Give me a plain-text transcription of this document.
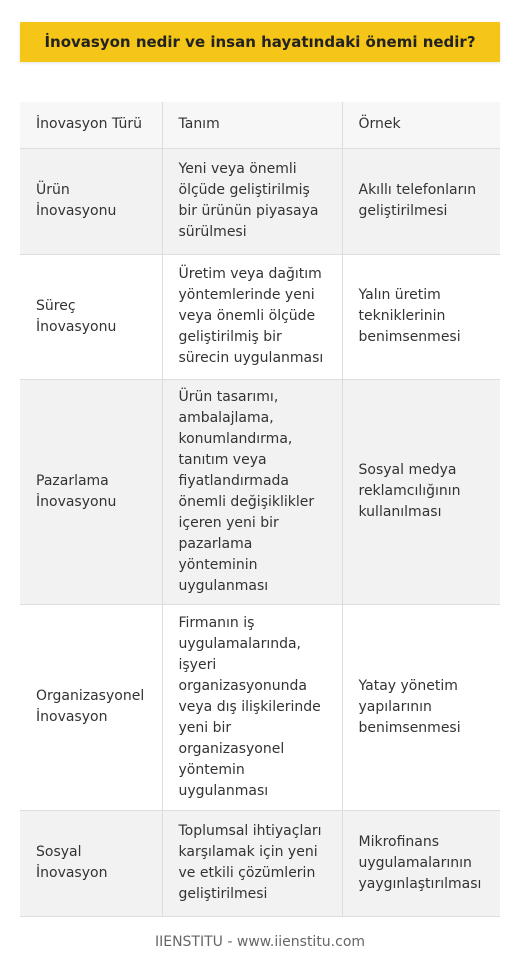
İnovasyon nedir ve insan hayatındaki önemi nedir?
İnovasyon Türü	Tanım	Örnek
Ürün İnovasyonu	Yeni veya önemli ölçüde geliştirilmiş bir ürünün piyasaya sürülmesi	Akıllı telefonların geliştirilmesi
Süreç İnovasyonu	Üretim veya dağıtım yöntemlerinde yeni veya önemli ölçüde geliştirilmiş bir sürecin uygulanması	Yalın üretim tekniklerinin benimsenmesi
Pazarlama İnovasyonu	Ürün tasarımı, ambalajlama, konumlandırma, tanıtım veya fiyatlandırmada önemli değişiklikler içeren yeni bir pazarlama yönteminin uygulanması	Sosyal medya reklamcılığının kullanılması
Organizasyonel İnovasyon	Firmanın iş uygulamalarında, işyeri organizasyonunda veya dış ilişkilerinde yeni bir organizasyonel yöntemin uygulanması	Yatay yönetim yapılarının benimsenmesi
Sosyal İnovasyon	Toplumsal ihtiyaçları karşılamak için yeni ve etkili çözümlerin geliştirilmesi	Mikrofinans uygulamalarının yaygınlaştırılması
IIENSTITU - www.iienstitu.com
